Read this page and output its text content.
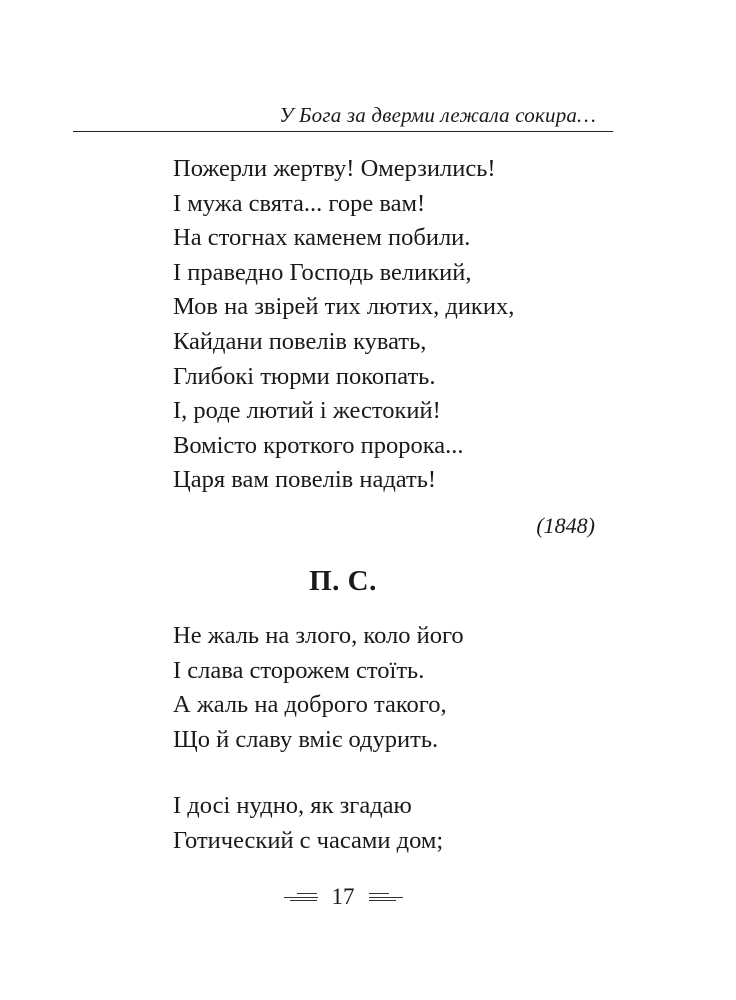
У Бога за дверми лежала сокира…
Пожерли жертву! Омерзились!
І мужа свята... горе вам!
На стогнах каменем побили.
І праведно Господь великий,
Мов на звірей тих лютих, диких,
Кайдани повелів кувать,
Глибокі тюрми покопать.
І, роде лютий і жестокий!
Вомісто кроткого пророка...
Царя вам повелів надать!
(1848)
П. С.
Не жаль на злого, коло його
І слава сторожем стоїть.
А жаль на доброго такого,
Що й славу вміє одурить.
І досі нудно, як згадаю
Готический с часами дом;
17
